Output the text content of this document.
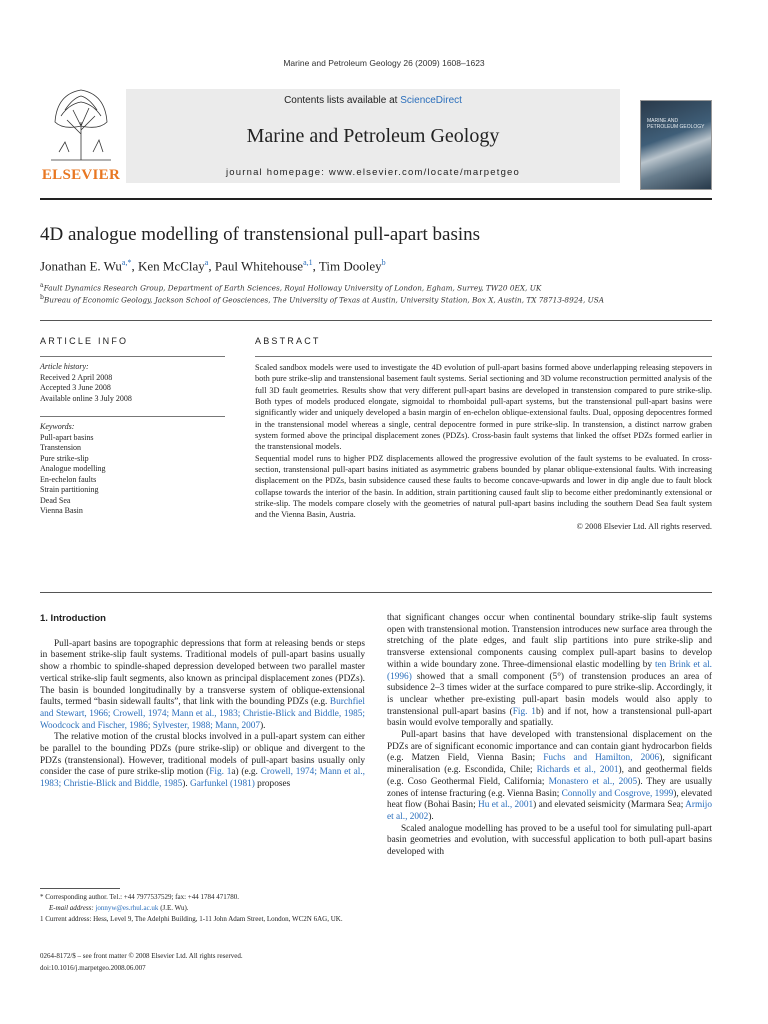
Marine and Petroleum Geology 26 (2009) 1608–1623
ELSEVIER
Contents lists available at ScienceDirect
Marine and Petroleum Geology
journal homepage: www.elsevier.com/locate/marpetgeo
MARINE AND PETROLEUM GEOLOGY
4D analogue modelling of transtensional pull-apart basins
Jonathan E. $Wu^{a,*}$, Ken McClay$^a$, Paul Whitehouse$^{a,1}$, Tim Dooley$^b$
$^a$Fault Dynamics Research Group, Department of Earth Sciences, Royal Holloway University of London, Egham, Surrey, TW20 0EX, UK
$^b$Bureau of Economic Geology, Jackson School of Geosciences, The University of Texas at Austin, University Station, Box X, Austin, TX 78713-8924, USA
ARTICLE INFO	ABSTRACT
Article history:
Received 2 April 2008
Accepted 3 June 2008
Available online 3 July 2008
Keywords:
Pull-apart basins
Transtension
Pure strike-slip
Analogue modelling
En-echelon faults
Strain partitioning
Dead Sea
Vienna Basin

Scaled sandbox models were used to investigate the 4D evolution of pull-apart basins formed above underlapping releasing stepovers in both pure strike-slip and transtensional basement fault systems. Serial sectioning and 3D volume reconstruction permitted analysis of the full 3D fault geometries. Results show that very different pull-apart basins are developed in transtension compared to pure strike-slip. Both types of models produced elongate, sigmoidal to rhomboidal pull-apart systems, but the transtensional pull-apart basins were significantly wider and uniquely developed a basin margin of en-echelon oblique-extensional faults. Dual, opposing depocentres formed in the transtensional model whereas a single, central depocentre formed in pure strike-slip. In transtension, a distinct narrow graben system formed above the principal displacement zones (PDZs). Cross-basin fault systems that linked the offset PDZs formed earlier in the transtensional models.

Sequential model runs to higher PDZ displacements allowed the progressive evolution of the fault systems to be evaluated. In cross-section, transtensional pull-apart basins initiated as asymmetric grabens bounded by planar oblique-extensional faults. With increasing displacement on the PDZs, basin subsidence caused these faults to become concave-upwards and lower in dip angle due to fault block collapse towards the interior of the basin. In addition, strain partitioning caused fault slip to become either predominantly extensional or strike-slip. The models compare closely with the geometries of natural pull-apart basins including the southern Dead Sea fault system and the Vienna Basin, Austria.

© 2008 Elsevier Ltd. All rights reserved.

1. Introduction

Pull-apart basins are topographic depressions that form at releasing bends or steps in basement strike-slip fault systems. Traditional models of pull-apart basins usually show a rhombic to spindle-shaped depression developed between two parallel master vertical strike-slip fault segments, also known as principal displacement zones (PDZs). The basin is bounded longitudinally by a transverse system of oblique-extensional faults, termed “basin sidewall faults”, that link with the bounding PDZs (e.g. Burchfiel and Stewart, 1966; Crowell, 1974; Mann et al., 1983; Christie-Blick and Biddle, 1985; Woodcock and Fischer, 1986; Sylvester, 1988; Mann, 2007).

The relative motion of the crustal blocks involved in a pull-apart system can either be parallel to the bounding PDZs (pure strike-slip) or oblique and divergent to the PDZs (transtensional). However, traditional models of pull-apart basins usually only consider the case of pure strike-slip motion (Fig. 1a) (e.g. Crowell, 1974; Mann et al., 1983; Christie-Blick and Biddle, 1985). Garfunkel (1981) proposes

that significant changes occur when continental boundary strike-slip fault systems open with transtensional motion. Transtension introduces new surface area through the stretching of the plate edges, and fault slip partitions into pure strike-slip and transverse extensional components causing complex pull-apart basins to develop within a wide boundary zone. Three-dimensional elastic modelling by ten Brink et al. (1996) showed that a small component (5°) of transtension produces an area of subsidence 2–3 times wider at the surface compared to pure strike-slip. Accordingly, it is unclear whether pre-existing pull-apart basin models would also apply to transtensional pull-apart basins (Fig. 1b) and if not, how a transtensional pull-apart basin would evolve temporally and spatially.

Pull-apart basins that have developed with transtensional displacement on the PDZs are of significant economic importance and can contain giant hydrocarbon fields (e.g. Matzen Field, Vienna Basin; Fuchs and Hamilton, 2006), significant mineralisation (e.g. Escondida, Chile; Richards et al., 2001), and geothermal fields (e.g. Coso Geothermal Field, California; Monastero et al., 2005). They are usually zones of intense fracturing (e.g. Vienna Basin; Connolly and Cosgrove, 1999), elevated heat flow (Bohai Basin; Hu et al., 2001) and elevated seismicity (Marmara Sea; Armijo et al., 2002).

Scaled analogue modelling has proved to be a useful tool for simulating pull-apart basin geometries and evolution, with successful application to both pull-apart basins developed with

* Corresponding author. Tel.: +44 7977537529; fax: +44 1784 471780.
E-mail address: jonnyw@es.rhul.ac.uk (J.E. Wu).
1 Current address: Hess, Level 9, The Adelphi Building, 1-11 John Adam Street, London, WC2N 6AG, UK.
0264-8172/$ – see front matter © 2008 Elsevier Ltd. All rights reserved.
doi:10.1016/j.marpetgeo.2008.06.007
